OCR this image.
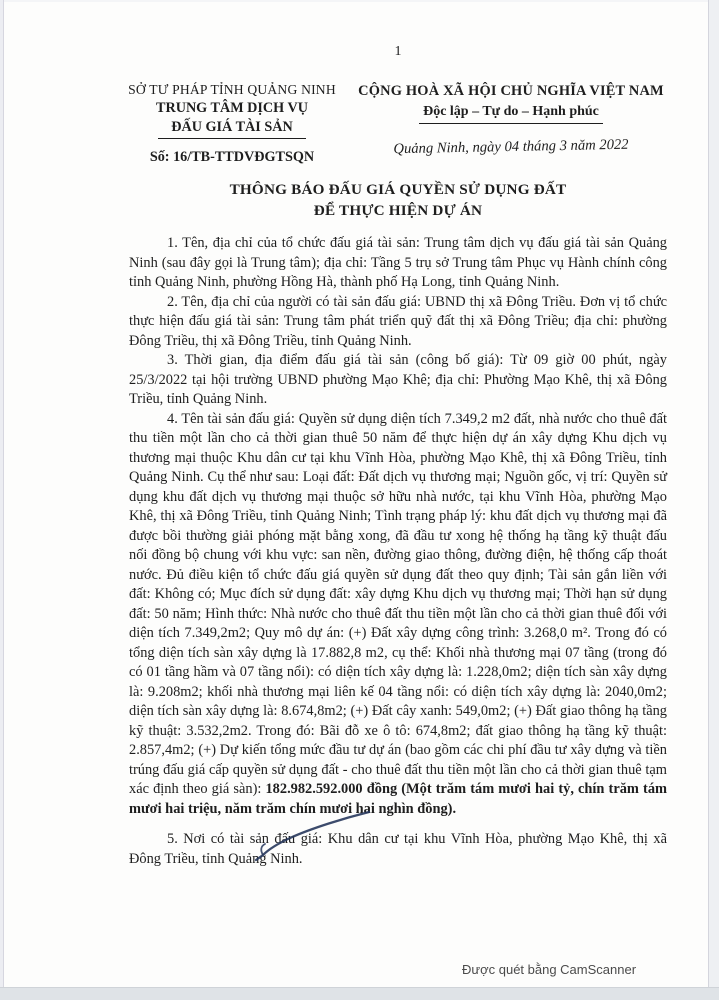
1
SỞ TƯ PHÁP TỈNH QUẢNG NINH
TRUNG TÂM DỊCH VỤ
ĐẤU GIÁ TÀI SẢN
Số: 16/TB-TTDVĐGTSQN
CỘNG HOÀ XÃ HỘI CHỦ NGHĨA VIỆT NAM
Độc lập – Tự do – Hạnh phúc
Quảng Ninh, ngày 04 tháng 3 năm 2022
THÔNG BÁO ĐẤU GIÁ QUYỀN SỬ DỤNG ĐẤT
ĐỂ THỰC HIỆN DỰ ÁN

1. Tên, địa chỉ của tổ chức đấu giá tài sản: Trung tâm dịch vụ đấu giá tài sản Quảng Ninh (sau đây gọi là Trung tâm); địa chỉ: Tầng 5 trụ sở Trung tâm Phục vụ Hành chính công tỉnh Quảng Ninh, phường Hồng Hà, thành phố Hạ Long, tỉnh Quảng Ninh.

2. Tên, địa chỉ của người có tài sản đấu giá: UBND thị xã Đông Triều. Đơn vị tổ chức thực hiện đấu giá tài sản: Trung tâm phát triển quỹ đất thị xã Đông Triều; địa chỉ: phường Đông Triều, thị xã Đông Triều, tỉnh Quảng Ninh.

3. Thời gian, địa điểm đấu giá tài sản (công bố giá): Từ 09 giờ 00 phút, ngày 25/3/2022 tại hội trường UBND phường Mạo Khê; địa chỉ: Phường Mạo Khê, thị xã Đông Triều, tỉnh Quảng Ninh.

4. Tên tài sản đấu giá: Quyền sử dụng diện tích 7.349,2 m2 đất, nhà nước cho thuê đất thu tiền một lần cho cả thời gian thuê 50 năm để thực hiện dự án xây dựng Khu dịch vụ thương mại thuộc Khu dân cư tại khu Vĩnh Hòa, phường Mạo Khê, thị xã Đông Triều, tỉnh Quảng Ninh. Cụ thể như sau: Loại đất: Đất dịch vụ thương mại; Nguồn gốc, vị trí: Quyền sử dụng khu đất dịch vụ thương mại thuộc sở hữu nhà nước, tại khu Vĩnh Hòa, phường Mạo Khê, thị xã Đông Triều, tỉnh Quảng Ninh; Tình trạng pháp lý: khu đất dịch vụ thương mại đã được bồi thường giải phóng mặt bằng xong, đã đầu tư xong hệ thống hạ tầng kỹ thuật đấu nối đồng bộ chung với khu vực: san nền, đường giao thông, đường điện, hệ thống cấp thoát nước. Đủ điều kiện tổ chức đấu giá quyền sử dụng đất theo quy định; Tài sản gắn liền với đất: Không có; Mục đích sử dụng đất: xây dựng Khu dịch vụ thương mại; Thời hạn sử dụng đất: 50 năm; Hình thức: Nhà nước cho thuê đất thu tiền một lần cho cả thời gian thuê đối với diện tích 7.349,2m2; Quy mô dự án: (+) Đất xây dựng công trình: 3.268,0 m². Trong đó có tổng diện tích sàn xây dựng là 17.882,8 m2, cụ thể: Khối nhà thương mại 07 tầng (trong đó có 01 tầng hầm và 07 tầng nổi): có diện tích xây dựng là: 1.228,0m2; diện tích sàn xây dựng là: 9.208m2; khối nhà thương mại liên kế 04 tầng nổi: có diện tích xây dựng là: 2040,0m2; diện tích sàn xây dựng là: 8.674,8m2; (+) Đất cây xanh: 549,0m2; (+) Đất giao thông hạ tầng kỹ thuật: 3.532,2m2. Trong đó: Bãi đỗ xe ô tô: 674,8m2; đất giao thông hạ tầng kỹ thuật: 2.857,4m2; (+) Dự kiến tổng mức đầu tư dự án (bao gồm các chi phí đầu tư xây dựng và tiền trúng đấu giá cấp quyền sử dụng đất - cho thuê đất thu tiền một lần cho cả thời gian thuê tạm xác định theo giá sàn): 182.982.592.000 đồng (Một trăm tám mươi hai tỷ, chín trăm tám mươi hai triệu, năm trăm chín mươi hai nghìn đồng).

5. Nơi có tài sản đấu giá: Khu dân cư tại khu Vĩnh Hòa, phường Mạo Khê, thị xã Đông Triều, tỉnh Quảng Ninh.

Được quét bằng CamScanner
